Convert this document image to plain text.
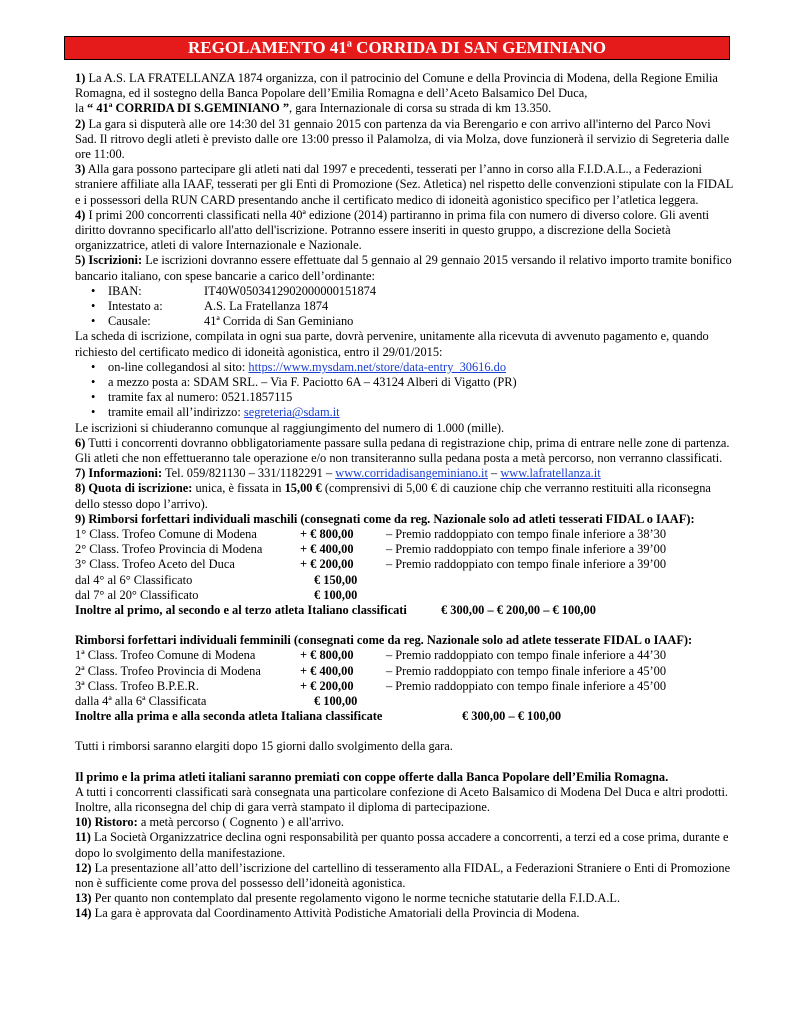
REGOLAMENTO 41ª CORRIDA DI SAN GEMINIANO

1) La A.S. LA FRATELLANZA 1874 organizza, con il patrocinio del Comune e della Provincia di Modena, della Regione Emilia Romagna, ed il sostegno della Banca Popolare dell’Emilia Romagna e dell’Aceto Balsamico Del Duca,
la “ 41ª CORRIDA DI S.GEMINIANO ”, gara Internazionale di corsa su strada di km 13.350.

2) La gara si disputerà alle ore 14:30 del 31 gennaio 2015 con partenza da via Berengario e con arrivo all'interno del Parco Novi Sad. Il ritrovo degli atleti è previsto dalle ore 13:00 presso il Palamolza, di via Molza, dove funzionerà il servizio di Segreteria dalle ore 11:00.

3) Alla gara possono partecipare gli atleti nati dal 1997 e precedenti, tesserati per l’anno in corso alla F.I.D.A.L., a Federazioni straniere affiliate alla IAAF, tesserati per gli Enti di Promozione (Sez. Atletica) nel rispetto delle convenzioni stipulate con la FIDAL e i possessori della RUN CARD presentando anche il certificato medico di idoneità agonistico specifico per l’atletica leggera.

4) I primi 200 concorrenti classificati nella 40ª edizione (2014) partiranno in prima fila con numero di diverso colore. Gli aventi diritto dovranno specificarlo all'atto dell'iscrizione. Potranno essere inseriti in questo gruppo, a discrezione della Società organizzatrice, atleti di valore Internazionale e Nazionale.

5) Iscrizioni: Le iscrizioni dovranno essere effettuate dal 5 gennaio al 29 gennaio 2015 versando il relativo importo tramite bonifico bancario italiano, con spese bancarie a carico dell’ordinante:

• IBAN:	IT40W0503412902000000151874
• Intestato a:	A.S. La Fratellanza 1874
• Causale:	41ª Corrida di San Geminiano

La scheda di iscrizione, compilata in ogni sua parte, dovrà pervenire, unitamente alla ricevuta di avvenuto pagamento e, quando richiesto del certificato medico di idoneità agonistica, entro il 29/01/2015:

• on-line collegandosi al sito: https://www.mysdam.net/store/data-entry_30616.do
• a mezzo posta a: SDAM SRL. – Via F. Paciotto 6A – 43124 Alberi di Vigatto (PR)
• tramite fax al numero: 0521.1857115
• tramite email all’indirizzo: segreteria@sdam.it

Le iscrizioni si chiuderanno comunque al raggiungimento del numero di 1.000 (mille).

6) Tutti i concorrenti dovranno obbligatoriamente passare sulla pedana di registrazione chip, prima di entrare nelle zone di partenza. Gli atleti che non effettueranno tale operazione e/o non transiteranno sulla pedana posta a metà percorso, non verranno classificati.

7) Informazioni: Tel. 059/821130 – 331/1182291 – www.corridadisangeminiano.it – www.lafratellanza.it

8) Quota di iscrizione: unica, è fissata in 15,00 € (comprensivi di 5,00 € di cauzione chip che verranno restituiti alla riconsegna dello stesso dopo l’arrivo).

9) Rimborsi forfettari individuali maschili (consegnati come da reg. Nazionale solo ad atleti tesserati FIDAL o IAAF):

1° Class. Trofeo Comune di Modena	+ € 800,00	– Premio raddoppiato con tempo finale inferiore a 38’30
2° Class. Trofeo Provincia di Modena	+ € 400,00	– Premio raddoppiato con tempo finale inferiore a 39’00
3° Class. Trofeo Aceto del Duca	+ € 200,00	– Premio raddoppiato con tempo finale inferiore a 39’00
dal 4° al 6° Classificato	€ 150,00
dal 7° al 20° Classificato	€ 100,00
Inoltre al primo, al secondo e al terzo atleta Italiano classificati	€ 300,00 – € 200,00 – € 100,00

Rimborsi forfettari individuali femminili (consegnati come da reg. Nazionale solo ad atlete tesserate FIDAL o IAAF):

1ª Class. Trofeo Comune di Modena	+ € 800,00	– Premio raddoppiato con tempo finale inferiore a 44’30
2ª Class. Trofeo Provincia di Modena	+ € 400,00	– Premio raddoppiato con tempo finale inferiore a 45’00
3ª Class. Trofeo B.P.E.R.	+ € 200,00	– Premio raddoppiato con tempo finale inferiore a 45’00
dalla 4ª alla 6ª Classificata	€ 100,00
Inoltre alla prima e alla seconda atleta Italiana classificate	€ 300,00 – € 100,00

Tutti i rimborsi saranno elargiti dopo 15 giorni dallo svolgimento della gara.

Il primo e la prima atleti italiani saranno premiati con coppe offerte dalla Banca Popolare dell’Emilia Romagna.

A tutti i concorrenti classificati sarà consegnata una particolare confezione di Aceto Balsamico di Modena Del Duca e altri prodotti. Inoltre, alla riconsegna del chip di gara verrà stampato il diploma di partecipazione.

10) Ristoro: a metà percorso ( Cognento ) e all'arrivo.

11) La Società Organizzatrice declina ogni responsabilità per quanto possa accadere a concorrenti, a terzi ed a cose prima, durante e dopo lo svolgimento della manifestazione.

12) La presentazione all’atto dell’iscrizione del cartellino di tesseramento alla FIDAL, a Federazioni Straniere o Enti di Promozione non è sufficiente come prova del possesso dell’idoneità agonistica.

13) Per quanto non contemplato dal presente regolamento vigono le norme tecniche statutarie della F.I.D.A.L.

14) La gara è approvata dal Coordinamento Attività Podistiche Amatoriali della Provincia di Modena.
